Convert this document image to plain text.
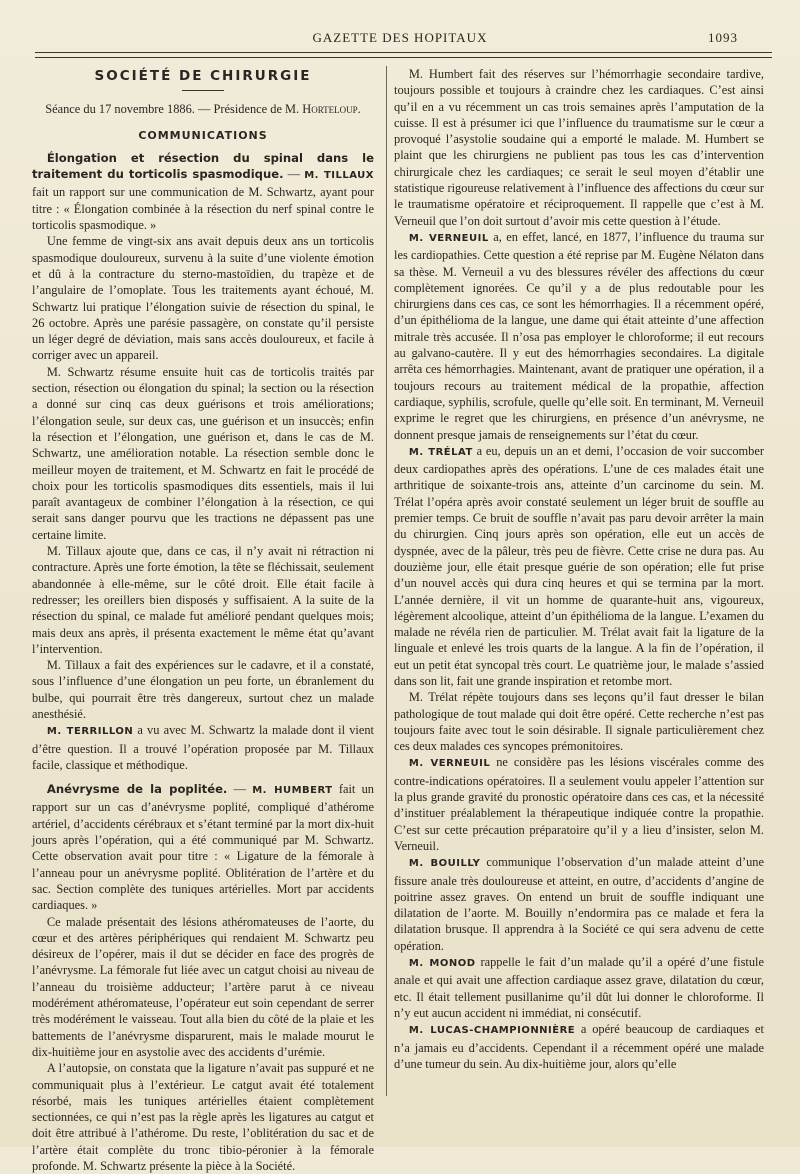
GAZETTE DES HOPITAUX	1093
SOCIÉTÉ DE CHIRURGIE

Séance du 17 novembre 1886. — Présidence de M. Horteloup.

COMMUNICATIONS

Élongation et résection du spinal dans le traitement du torticolis spasmodique. — M. TILLAUX fait un rapport sur une communication de M. Schwartz, ayant pour titre : « Élongation combinée à la résection du nerf spinal contre le torticolis spasmodique. »

Une femme de vingt-six ans avait depuis deux ans un torticolis spasmodique douloureux, survenu à la suite d’une violente émotion et dû à la contracture du sterno-mastoïdien, du trapèze et de l’angulaire de l’omoplate. Tous les traitements ayant échoué, M. Schwartz lui pratique l’élongation suivie de résection du spinal, le 26 octobre. Après une parésie passagère, on constate qu’il persiste un léger degré de déviation, mais sans accès douloureux, et facile à corriger avec un appareil.

M. Schwartz résume ensuite huit cas de torticolis traités par section, résection ou élongation du spinal; la section ou la résection a donné sur cinq cas deux guérisons et trois améliorations; l’élongation seule, sur deux cas, une guérison et un insuccès; enfin la résection et l’élongation, une guérison et, dans le cas de M. Schwartz, une amélioration notable. La résection semble donc le meilleur moyen de traitement, et M. Schwartz en fait le procédé de choix pour les torticolis spasmodiques dits essentiels, mais il lui paraît avantageux de combiner l’élongation à la résection, ce qui serait sans danger pourvu que les tractions ne dépassent pas une certaine limite.

M. Tillaux ajoute que, dans ce cas, il n’y avait ni rétraction ni contracture. Après une forte émotion, la tête se fléchissait, seulement abandonnée à elle-même, sur le côté droit. Elle était facile à redresser; les oreillers bien disposés y suffisaient. A la suite de la résection du spinal, ce malade fut amélioré pendant quelques mois; mais deux ans après, il présenta exactement le même état qu’avant l’intervention.

M. Tillaux a fait des expériences sur le cadavre, et il a constaté, sous l’influence d’une élongation un peu forte, un ébranlement du bulbe, qui pourrait être très dangereux, surtout chez un malade anesthésié.

M. TERRILLON a vu avec M. Schwartz la malade dont il vient d’être question. Il a trouvé l’opération proposée par M. Tillaux facile, classique et méthodique.

Anévrysme de la poplitée. — M. HUMBERT fait un rapport sur un cas d’anévrysme poplité, compliqué d’athérome artériel, d’accidents cérébraux et s’étant terminé par la mort dix-huit jours après l’opération, qui a été communiqué par M. Schwartz. Cette observation avait pour titre : « Ligature de la fémorale à l’anneau pour un anévrysme poplité. Oblitération de l’artère et du sac. Section complète des tuniques artérielles. Mort par accidents cardiaques. »

Ce malade présentait des lésions athéromateuses de l’aorte, du cœur et des artères périphériques qui rendaient M. Schwartz peu désireux de l’opérer, mais il dut se décider en face des progrès de l’anévrysme. La fémorale fut liée avec un catgut choisi au niveau de l’anneau du troisième adducteur; l’artère parut à ce niveau modérément athéromateuse, l’opérateur eut soin cependant de serrer très modérément le vaisseau. Tout alla bien du côté de la plaie et les battements de l’anévrysme disparurent, mais le malade mourut le dix-huitième jour en asystolie avec des accidents d’urémie.

A l’autopsie, on constata que la ligature n’avait pas suppuré et ne communiquait plus à l’extérieur. Le catgut avait été totalement résorbé, mais les tuniques artérielles étaient complètement sectionnées, ce qui n’est pas la règle après les ligatures au catgut et doit être attribué à l’athérome. Du reste, l’oblitération du sac et de l’artère était complète du tronc tibio-péronier à la fémorale profonde. M. Schwartz présente la pièce à la Société.

M. Humbert fait des réserves sur l’hémorrhagie secondaire tardive, toujours possible et toujours à craindre chez les cardiaques. C’est ainsi qu’il en a vu récemment un cas trois semaines après l’amputation de la cuisse. Il est à présumer ici que l’influence du traumatisme sur le cœur a provoqué l’asystolie soudaine qui a emporté le malade. M. Humbert se plaint que les chirurgiens ne publient pas tous les cas d’intervention chirurgicale chez les cardiaques; ce serait le seul moyen d’établir une statistique rigoureuse relativement à l’influence des affections du cœur sur le traumatisme opératoire et réciproquement. Il rappelle que c’est à M. Verneuil que l’on doit surtout d’avoir mis cette question à l’étude.

M. VERNEUIL a, en effet, lancé, en 1877, l’influence du trauma sur les cardiopathies. Cette question a été reprise par M. Eugène Nélaton dans sa thèse. M. Verneuil a vu des blessures révéler des affections du cœur complètement ignorées. Ce qu’il y a de plus redoutable pour les chirurgiens dans ces cas, ce sont les hémorrhagies. Il a récemment opéré, d’un épithélioma de la langue, une dame qui était atteinte d’une affection mitrale très accusée. Il n’osa pas employer le chloroforme; il eut recours au galvano-cautère. Il y eut des hémorrhagies secondaires. La digitale arrêta ces hémorrhagies. Maintenant, avant de pratiquer une opération, il a toujours recours au traitement médical de la propathie, affection cardiaque, syphilis, scrofule, quelle qu’elle soit. En terminant, M. Verneuil exprime le regret que les chirurgiens, en présence d’un anévrysme, ne donnent presque jamais de renseignements sur l’état du cœur.

M. TRÉLAT a eu, depuis un an et demi, l’occasion de voir succomber deux cardiopathes après des opérations. L’une de ces malades était une arthritique de soixante-trois ans, atteinte d’un carcinome du sein. M. Trélat l’opéra après avoir constaté seulement un léger bruit de souffle au premier temps. Ce bruit de souffle n’avait pas paru devoir arrêter la main du chirurgien. Cinq jours après son opération, elle eut un accès de dyspnée, avec de la pâleur, très peu de fièvre. Cette crise ne dura pas. Au douzième jour, elle était presque guérie de son opération; elle fut prise d’un nouvel accès qui dura cinq heures et qui se termina par la mort. L’année dernière, il vit un homme de quarante-huit ans, vigoureux, légèrement alcoolique, atteint d’un épithélioma de la langue. L’examen du malade ne révéla rien de particulier. M. Trélat avait fait la ligature de la linguale et enlevé les trois quarts de la langue. A la fin de l’opération, il eut un petit état syncopal très court. Le quatrième jour, le malade s’assied dans son lit, fait une grande inspiration et retombe mort.

M. Trélat répète toujours dans ses leçons qu’il faut dresser le bilan pathologique de tout malade qui doit être opéré. Cette recherche n’est pas toujours faite avec tout le soin désirable. Il signale particulièrement chez ces deux malades ces syncopes prémonitoires.

M. VERNEUIL ne considère pas les lésions viscérales comme des contre-indications opératoires. Il a seulement voulu appeler l’attention sur la plus grande gravité du pronostic opératoire dans ces cas, et la nécessité d’instituer préalablement la thérapeutique indiquée contre la propathie. C’est sur cette précaution préparatoire qu’il y a lieu d’insister, selon M. Verneuil.

M. BOUILLY communique l’observation d’un malade atteint d’une fissure anale très douloureuse et atteint, en outre, d’accidents d’angine de poitrine assez graves. On entend un bruit de souffle indiquant une dilatation de l’aorte. M. Bouilly n’endormira pas ce malade et fera la dilatation brusque. Il apprendra à la Société ce qui sera advenu de cette opération.

M. MONOD rappelle le fait d’un malade qu’il a opéré d’une fistule anale et qui avait une affection cardiaque assez grave, dilatation du cœur, etc. Il était tellement pusillanime qu’il dût lui donner le chloroforme. Il n’y eut aucun accident ni immédiat, ni consécutif.

M. LUCAS-CHAMPIONNIÈRE a opéré beaucoup de cardiaques et n’a jamais eu d’accidents. Cependant il a récemment opéré une malade d’une tumeur du sein. Au dix-huitième jour, alors qu’elle
